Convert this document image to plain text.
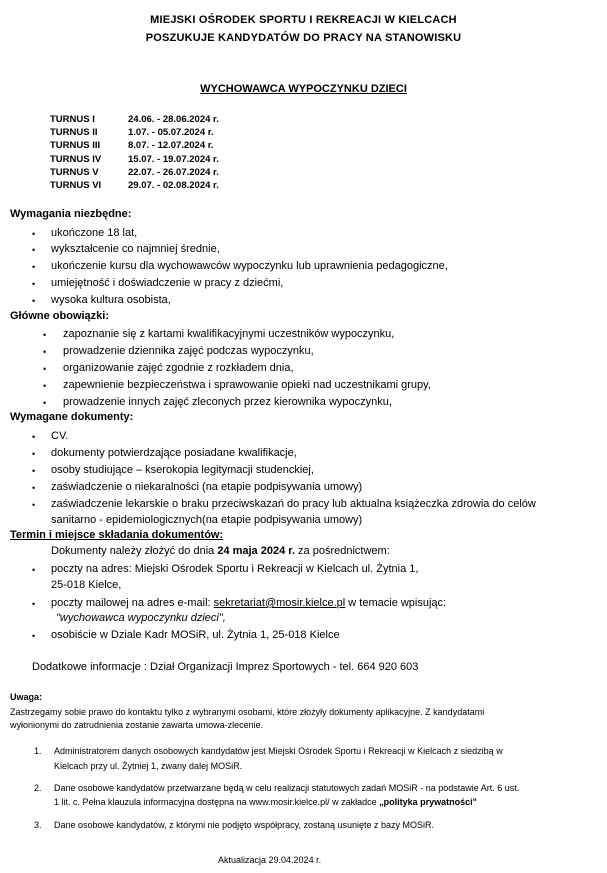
MIEJSKI OŚRODEK SPORTU I REKREACJI W KIELCACH
POSZUKUJE KANDYDATÓW DO PRACY NA STANOWISKU
WYCHOWAWCA WYPOCZYNKU DZIECI
TURNUS I	24.06. - 28.06.2024 r.
TURNUS II	1.07. - 05.07.2024 r.
TURNUS III	8.07. - 12.07.2024 r.
TURNUS IV	15.07. - 19.07.2024 r.
TURNUS V	22.07. - 26.07.2024 r.
TURNUS VI	29.07. - 02.08.2024 r.
Wymagania niezbędne:
• ukończone 18 lat,
• wykształcenie co najmniej średnie,
• ukończenie kursu dla wychowawców wypoczynku lub uprawnienia pedagogiczne,
• umiejętność i doświadczenie w pracy z dziećmi,
• wysoka kultura osobista,
Główne obowiązki:
• zapoznanie się z kartami kwalifikacyjnymi uczestników wypoczynku,
• prowadzenie dziennika zajęć podczas wypoczynku,
• organizowanie zajęć zgodnie z rozkładem dnia,
• zapewnienie bezpieczeństwa i sprawowanie opieki nad uczestnikami grupy,
• prowadzenie innych zajęć zleconych przez kierownika wypoczynku,
Wymagane dokumenty:
• CV.
• dokumenty potwierdzające posiadane kwalifikacje,
• osoby studiujące – kserokopia legitymacji studenckiej,
• zaświadczenie o niekaralności (na etapie podpisywania umowy)
• zaświadczenie lekarskie o braku przeciwskazań do pracy lub aktualna książeczka zdrowia do celów
sanitarno - epidemiologicznych(na etapie podpisywania umowy)
Termin i miejsce składania dokumentów:
Dokumenty należy złożyć do dnia 24 maja 2024 r. za pośrednictwem:
• poczty na adres: Miejski Ośrodek Sportu i Rekreacji w Kielcach ul. Żytnia 1,
25-018 Kielce,
• poczty mailowej na adres e-mail: sekretariat@mosir.kielce.pl w temacie wpisując:
"wychowawca wypoczynku dzieci",
• osobiście w Dziale Kadr MOSiR, ul. Żytnia 1, 25-018 Kielce
Dodatkowe informacje : Dział Organizacji Imprez Sportowych - tel. 664 920 603
Uwaga:
Zastrzegamy sobie prawo do kontaktu tylko z wybranymi osobami, które złożyły dokumenty aplikacyjne. Z kandydatami
wyłonionymi do zatrudnienia zostanie zawarta umowa-zlecenie.
1. Administratorem danych osobowych kandydatów jest Miejski Ośrodek Sportu i Rekreacji w Kielcach z siedzibą w
Kielcach przy ul. Żytniej 1, zwany dalej MOSiR.
2. Dane osobowe kandydatów przetwarzane będą w celu realizacji statutowych zadań MOSiR - na podstawie Art. 6 ust.
1 lit. c. Pełna klauzula informacyjna dostępna na www.mosir.kielce.pl/ w zakładce „polityka prywatności"
3. Dane osobowe kandydatów, z którymi nie podjęto współpracy, zostaną usunięte z bazy MOSiR.
Aktualizacja 29.04.2024 r.
